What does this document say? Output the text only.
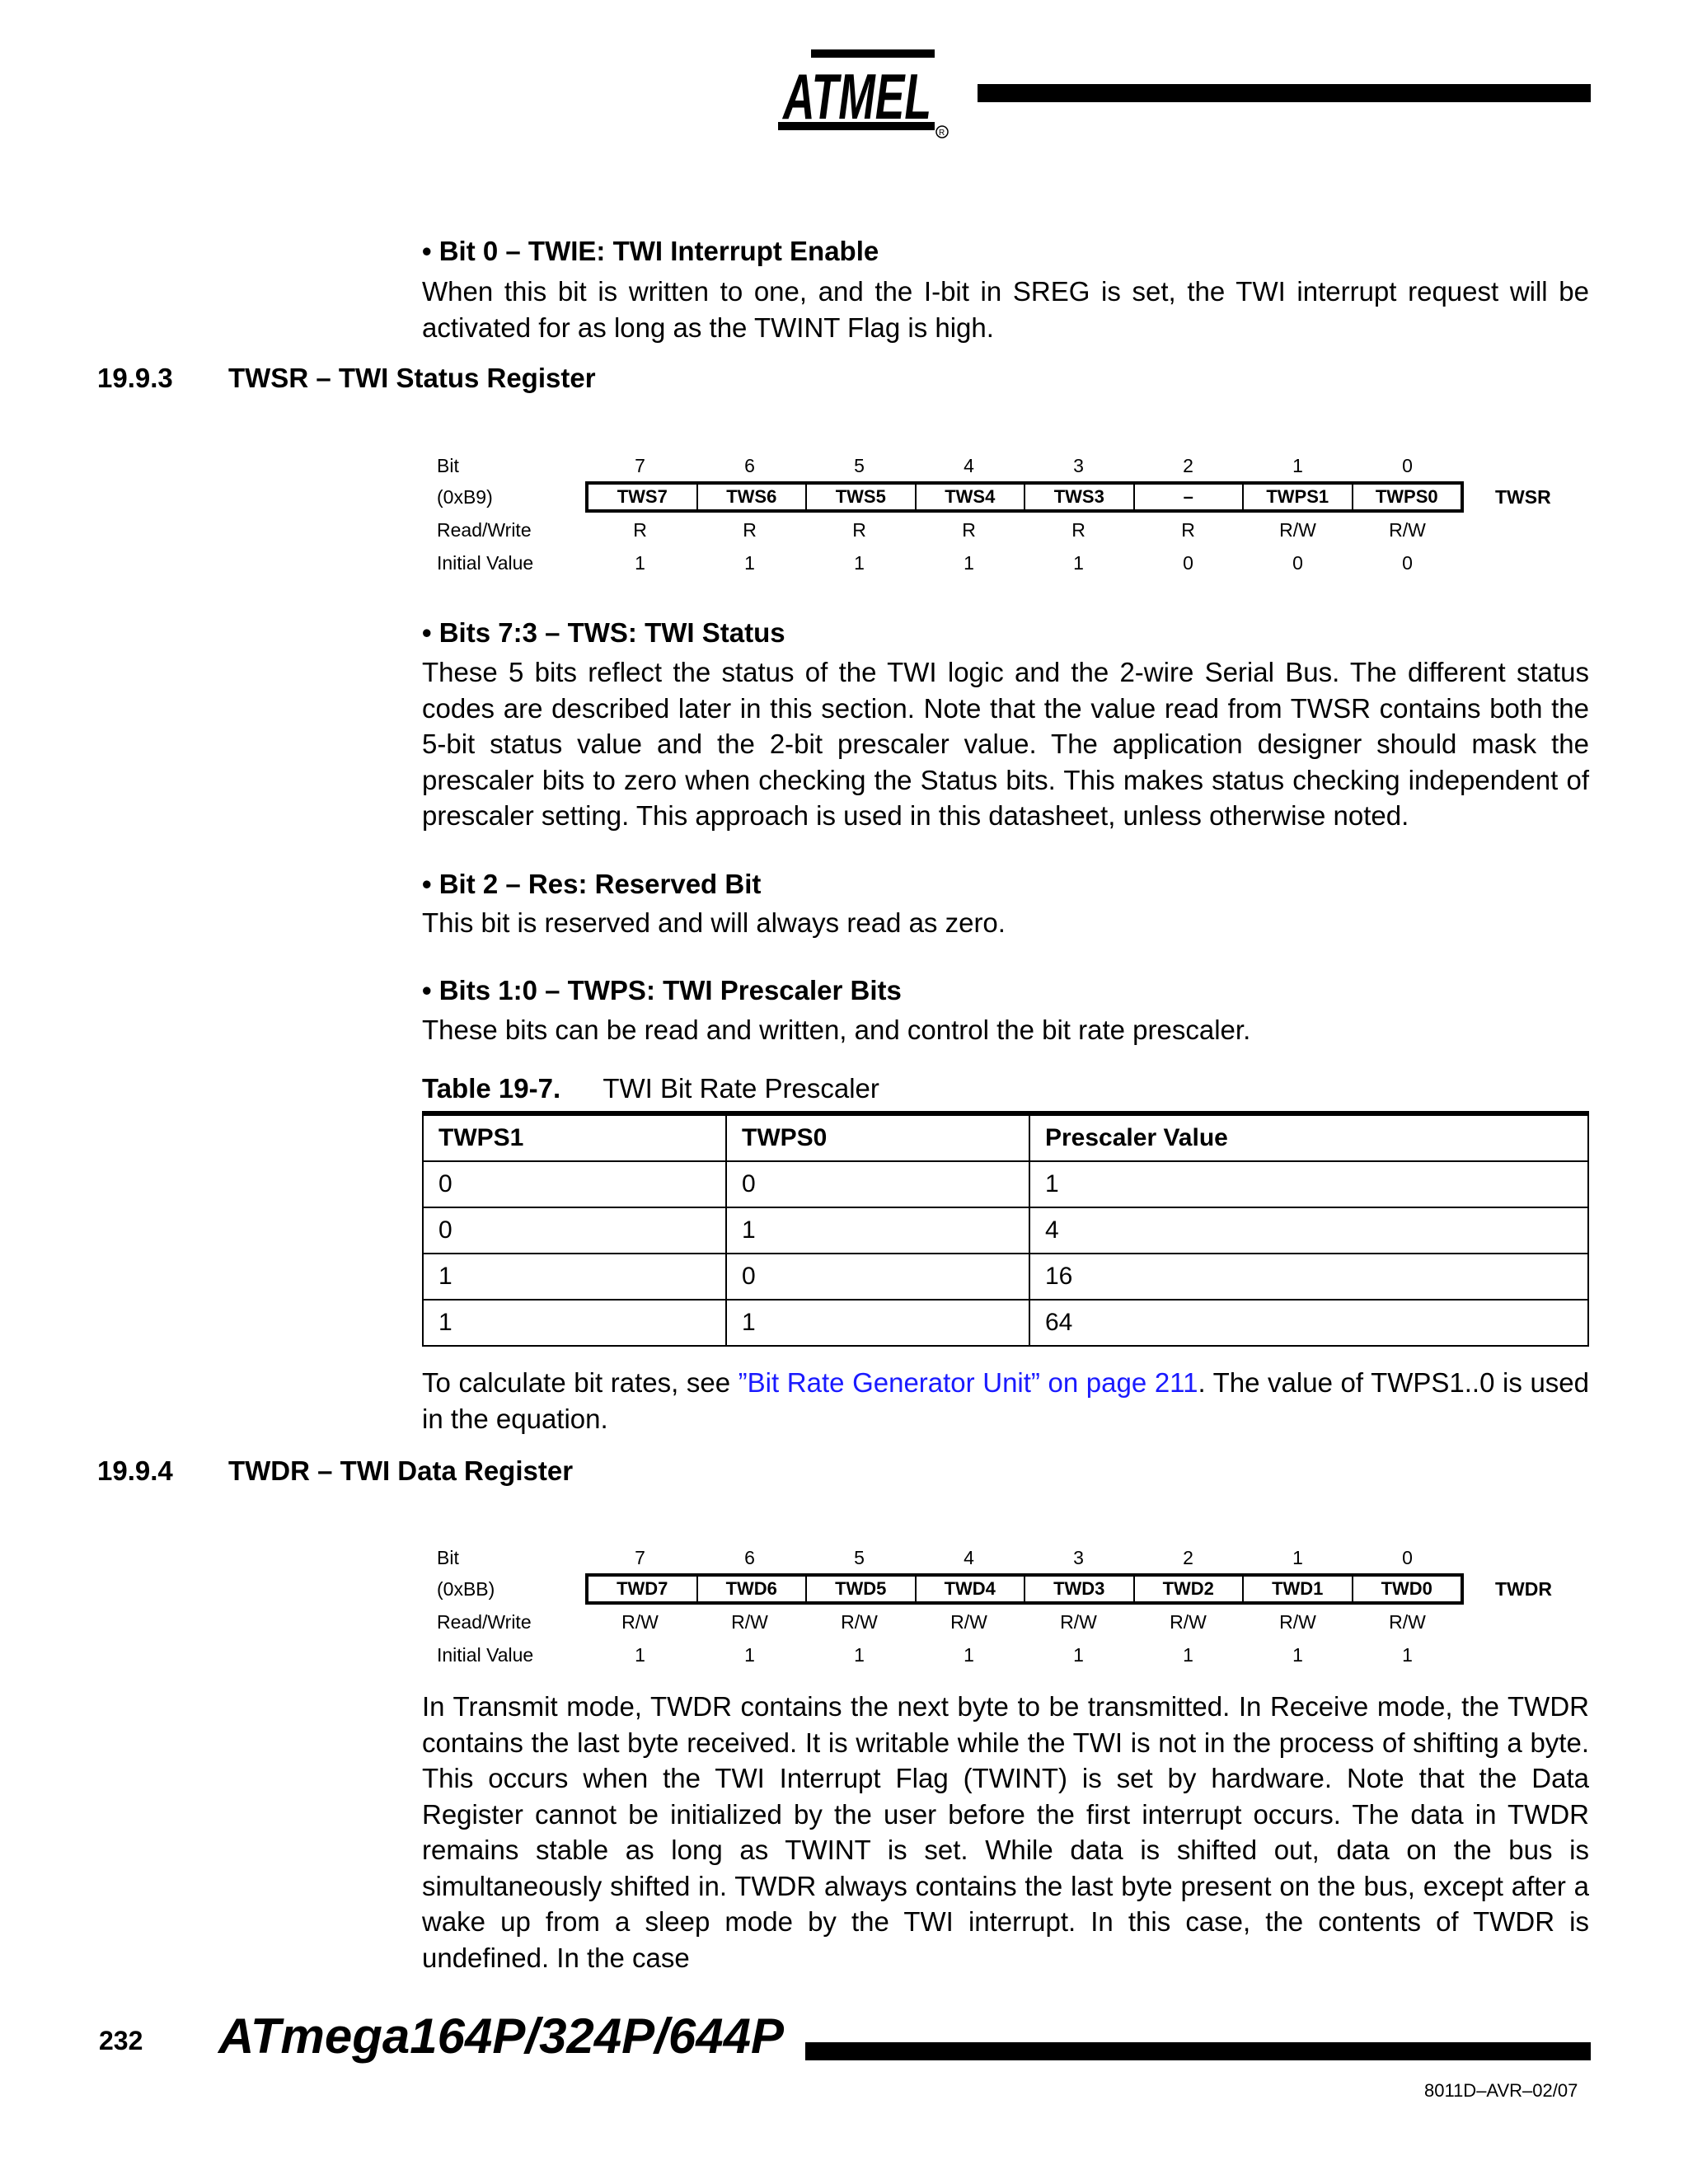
ATMEL
R
• Bit 0 – TWIE: TWI Interrupt Enable
When this bit is written to one, and the I-bit in SREG is set, the TWI interrupt request will be activated for as long as the TWINT Flag is high.
19.9.3 TWSR – TWI Status Register
Bit	7	6	5	4	3	2	1	0
(0xB9)	TWS7	TWS6	TWS5	TWS4	TWS3	–	TWPS1	TWPS0	TWSR
Read/Write	R	R	R	R	R	R	R/W	R/W
Initial Value	1	1	1	1	1	0	0	0
• Bits 7:3 – TWS: TWI Status
These 5 bits reflect the status of the TWI logic and the 2-wire Serial Bus. The different status codes are described later in this section. Note that the value read from TWSR contains both the 5-bit status value and the 2-bit prescaler value. The application designer should mask the prescaler bits to zero when checking the Status bits. This makes status checking independent of prescaler setting. This approach is used in this datasheet, unless otherwise noted.
• Bit 2 – Res: Reserved Bit
This bit is reserved and will always read as zero.
• Bits 1:0 – TWPS: TWI Prescaler Bits
These bits can be read and written, and control the bit rate prescaler.
Table 19-7. TWI Bit Rate Prescaler
TWPS1	TWPS0	Prescaler Value
0	0	1
0	1	4
1	0	16
1	1	64
To calculate bit rates, see ”Bit Rate Generator Unit” on page 211. The value of TWPS1..0 is used in the equation.
19.9.4 TWDR – TWI Data Register
Bit	7	6	5	4	3	2	1	0
(0xBB)	TWD7	TWD6	TWD5	TWD4	TWD3	TWD2	TWD1	TWD0	TWDR
Read/Write	R/W	R/W	R/W	R/W	R/W	R/W	R/W	R/W
Initial Value	1	1	1	1	1	1	1	1
In Transmit mode, TWDR contains the next byte to be transmitted. In Receive mode, the TWDR contains the last byte received. It is writable while the TWI is not in the process of shifting a byte. This occurs when the TWI Interrupt Flag (TWINT) is set by hardware. Note that the Data Register cannot be initialized by the user before the first interrupt occurs. The data in TWDR remains stable as long as TWINT is set. While data is shifted out, data on the bus is simultaneously shifted in. TWDR always contains the last byte present on the bus, except after a wake up from a sleep mode by the TWI interrupt. In this case, the contents of TWDR is undefined. In the case
232 ATmega164P/324P/644P
8011D–AVR–02/07
